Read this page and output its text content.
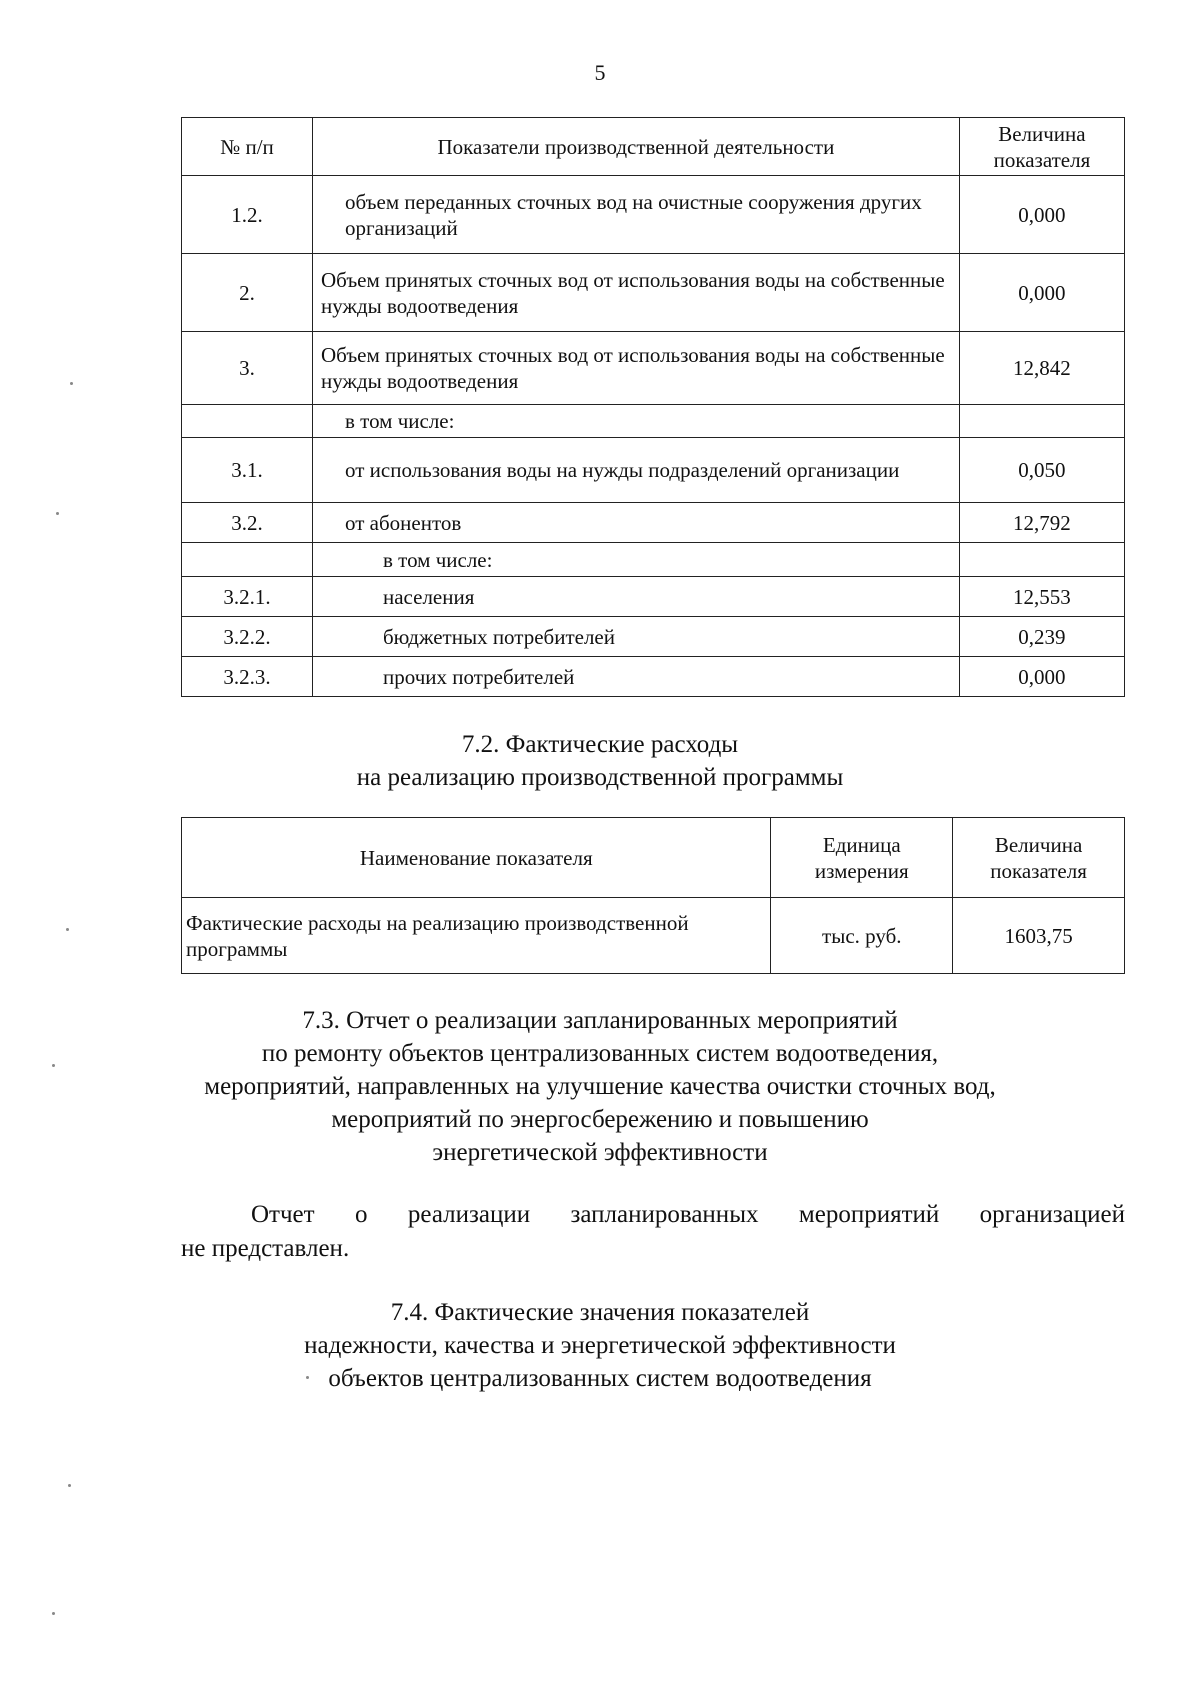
5
№ п/п	Показатели производственной деятельности	Величина показателя
1.2.	объем переданных сточных вод на очистные сооружения других организаций	0,000
2.	Объем принятых сточных вод от использования воды на собственные нужды водоотведения	0,000
3.	Объем принятых сточных вод от использования воды на собственные нужды водоотведения	12,842
	в том числе:	
3.1.	от использования воды на нужды подразделений организации	0,050
3.2.	от абонентов	12,792
	в том числе:	
3.2.1.	населения	12,553
3.2.2.	бюджетных потребителей	0,239
3.2.3.	прочих потребителей	0,000
7.2. Фактические расходы
на реализацию производственной программы
Наименование показателя	Единица измерения	Величина показателя
Фактические расходы на реализацию производственной программы	тыс. руб.	1603,75
7.3. Отчет о реализации запланированных мероприятий
по ремонту объектов централизованных систем водоотведения,
мероприятий, направленных на улучшение качества очистки сточных вод,
мероприятий по энергосбережению и повышению
энергетической эффективности
Отчет о реализации запланированных мероприятий организацией
не представлен.
7.4. Фактические значения показателей
надежности, качества и энергетической эффективности
объектов централизованных систем водоотведения
